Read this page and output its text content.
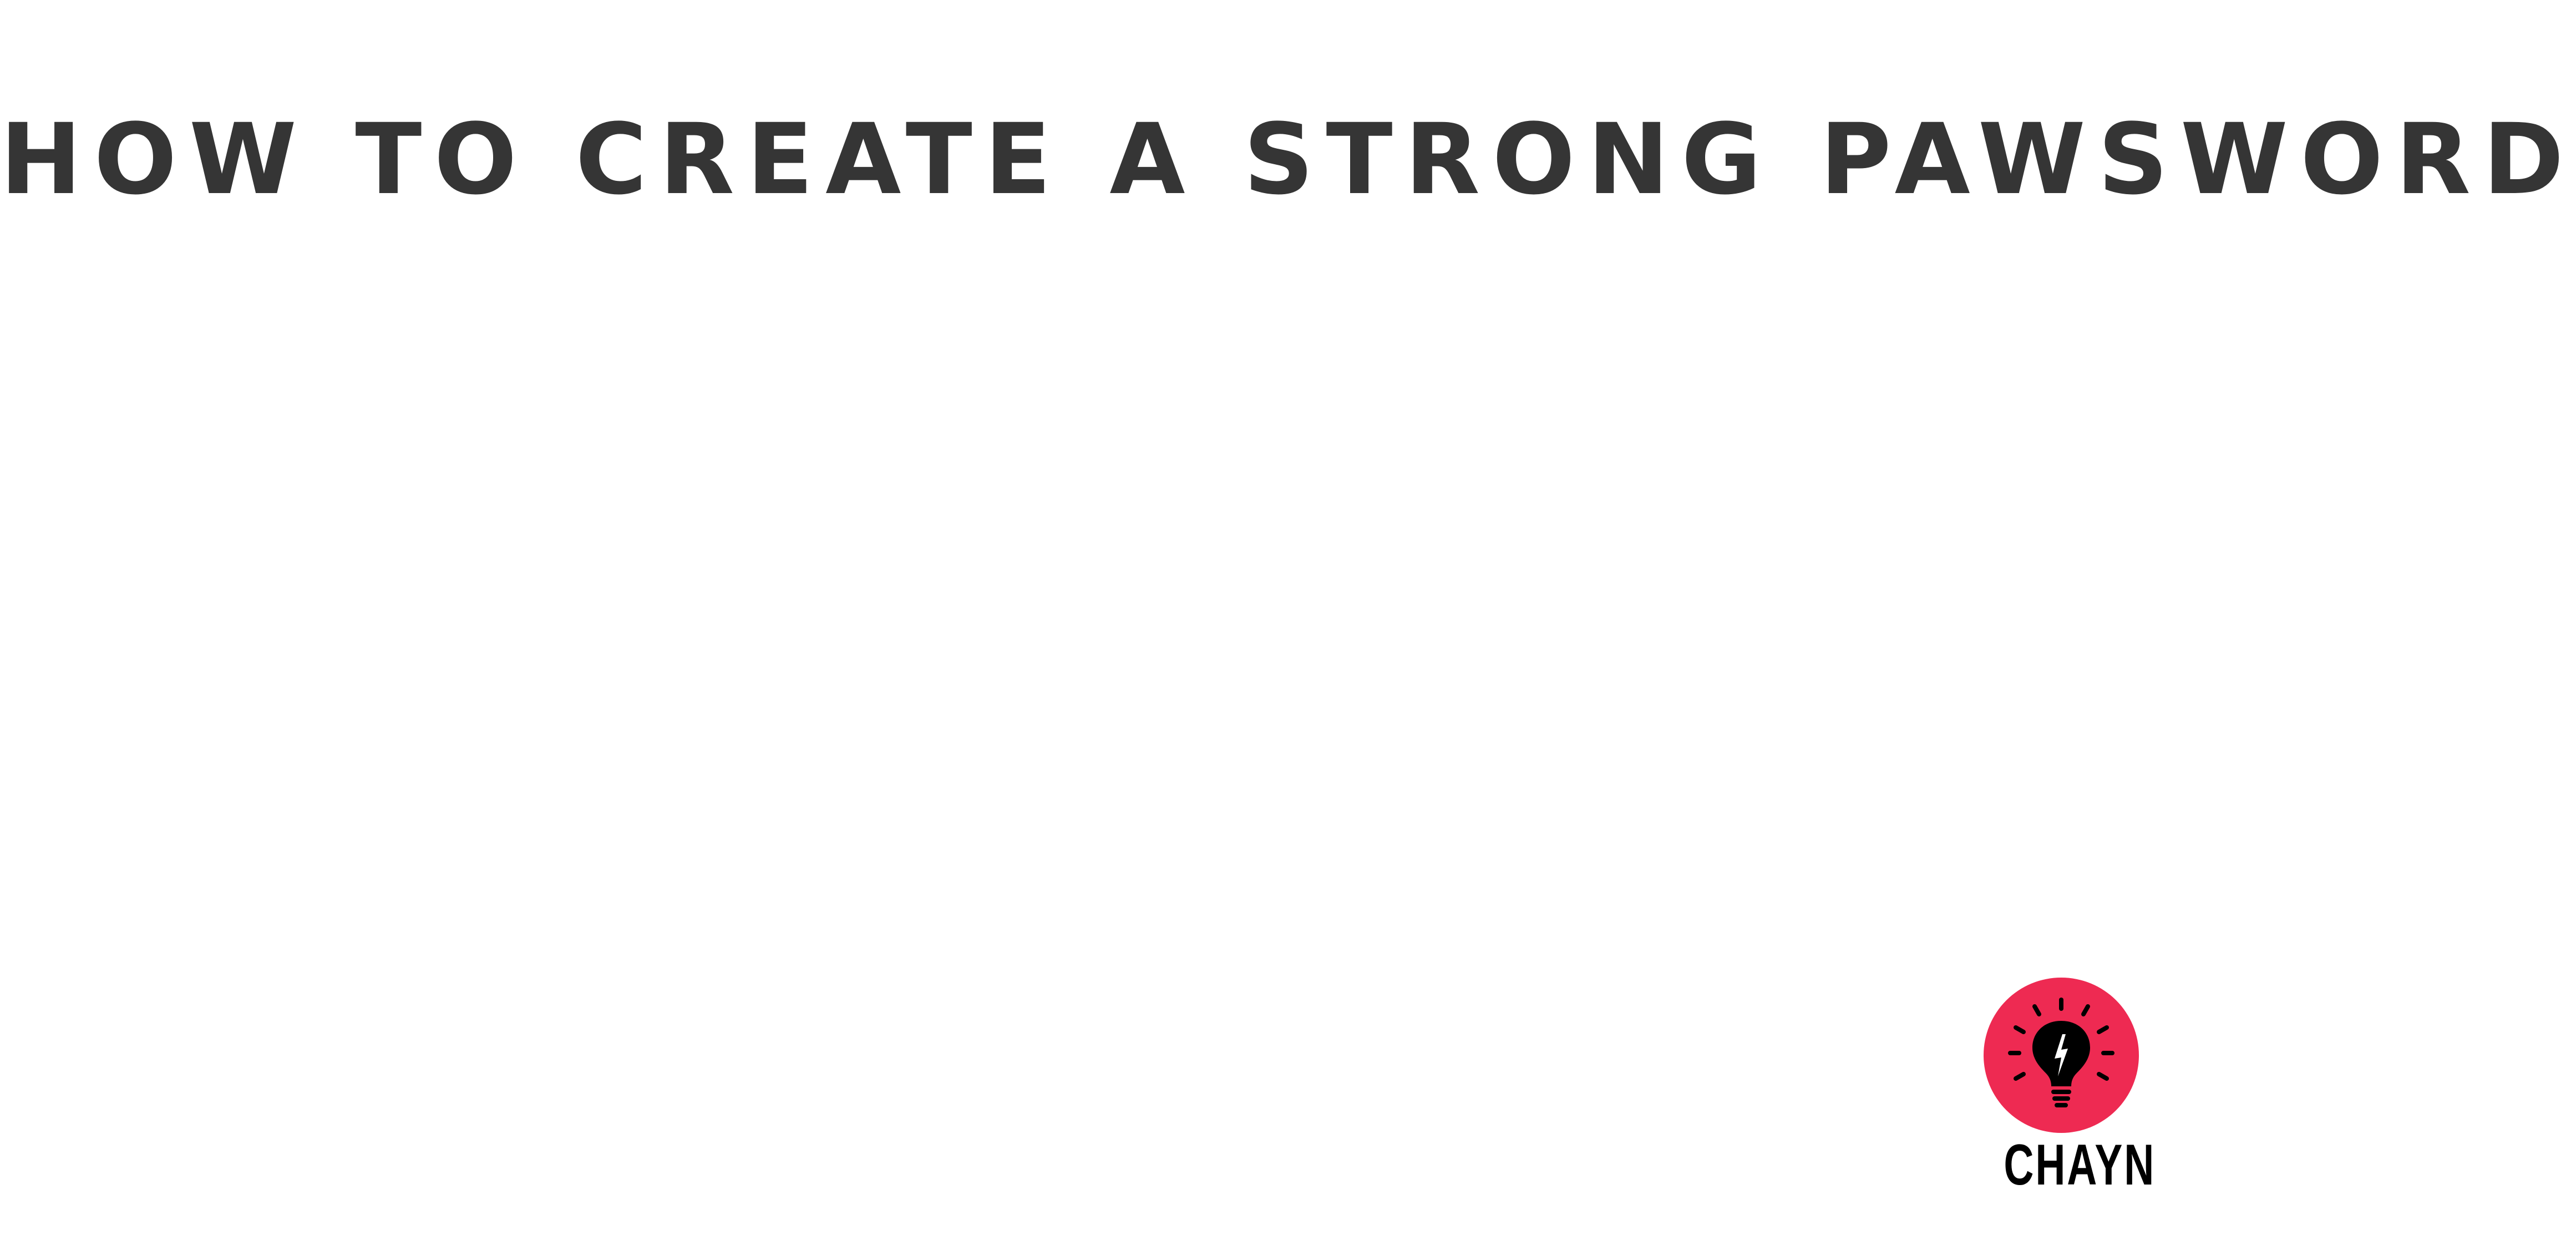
HOW TO CREATE A STRONG PAWSWORD
CHAYN
